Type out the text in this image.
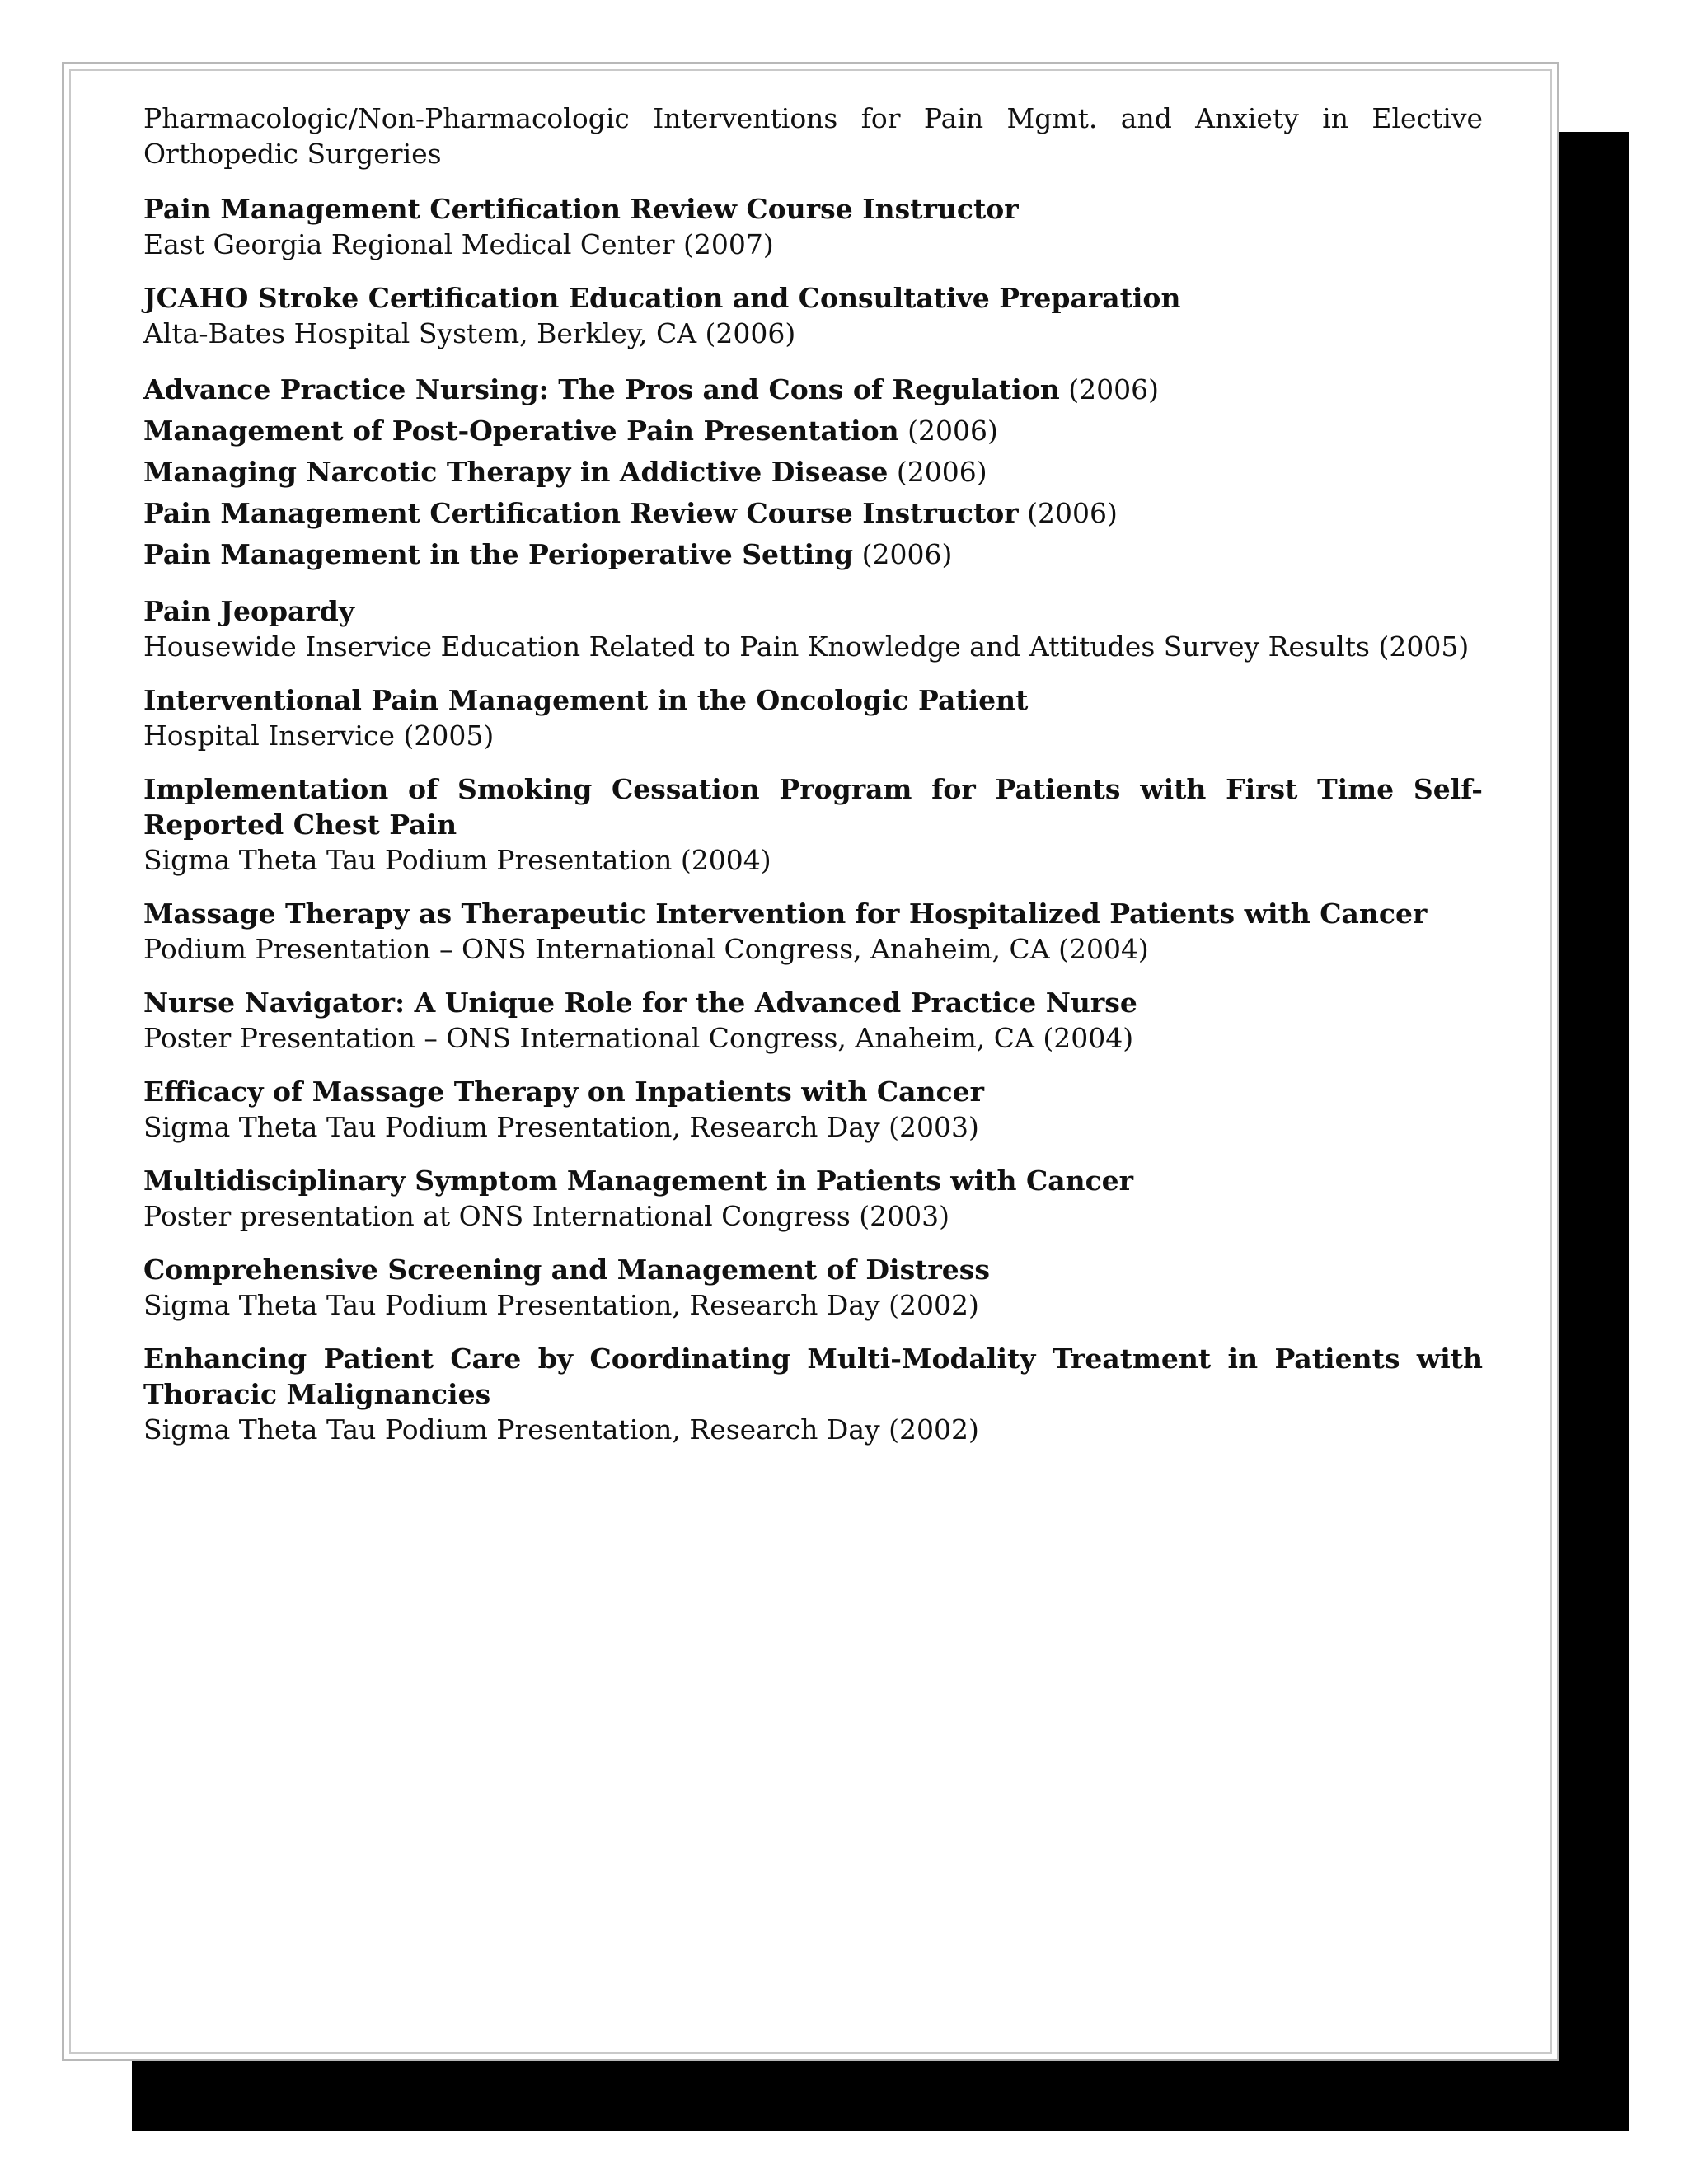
Pharmacologic/Non-Pharmacologic Interventions for Pain Mgmt. and Anxiety in Elective Orthopedic Surgeries
Pain Management Certification Review Course Instructor
East Georgia Regional Medical Center (2007)
JCAHO Stroke Certification Education and Consultative Preparation
Alta-Bates Hospital System, Berkley, CA (2006)
Advance Practice Nursing: The Pros and Cons of Regulation (2006)
Management of Post-Operative Pain Presentation (2006)
Managing Narcotic Therapy in Addictive Disease (2006)
Pain Management Certification Review Course Instructor (2006)
Pain Management in the Perioperative Setting (2006)
Pain Jeopardy
Housewide Inservice Education Related to Pain Knowledge and Attitudes Survey Results (2005)
Interventional Pain Management in the Oncologic Patient
Hospital Inservice (2005)
Implementation of Smoking Cessation Program for Patients with First Time Self-Reported Chest Pain
Sigma Theta Tau Podium Presentation (2004)
Massage Therapy as Therapeutic Intervention for Hospitalized Patients with Cancer
Podium Presentation – ONS International Congress, Anaheim, CA (2004)
Nurse Navigator: A Unique Role for the Advanced Practice Nurse
Poster Presentation – ONS International Congress, Anaheim, CA (2004)
Efficacy of Massage Therapy on Inpatients with Cancer
Sigma Theta Tau Podium Presentation, Research Day (2003)
Multidisciplinary Symptom Management in Patients with Cancer
Poster presentation at ONS International Congress (2003)
Comprehensive Screening and Management of Distress
Sigma Theta Tau Podium Presentation, Research Day (2002)
Enhancing Patient Care by Coordinating Multi-Modality Treatment in Patients with Thoracic Malignancies
Sigma Theta Tau Podium Presentation, Research Day (2002)
